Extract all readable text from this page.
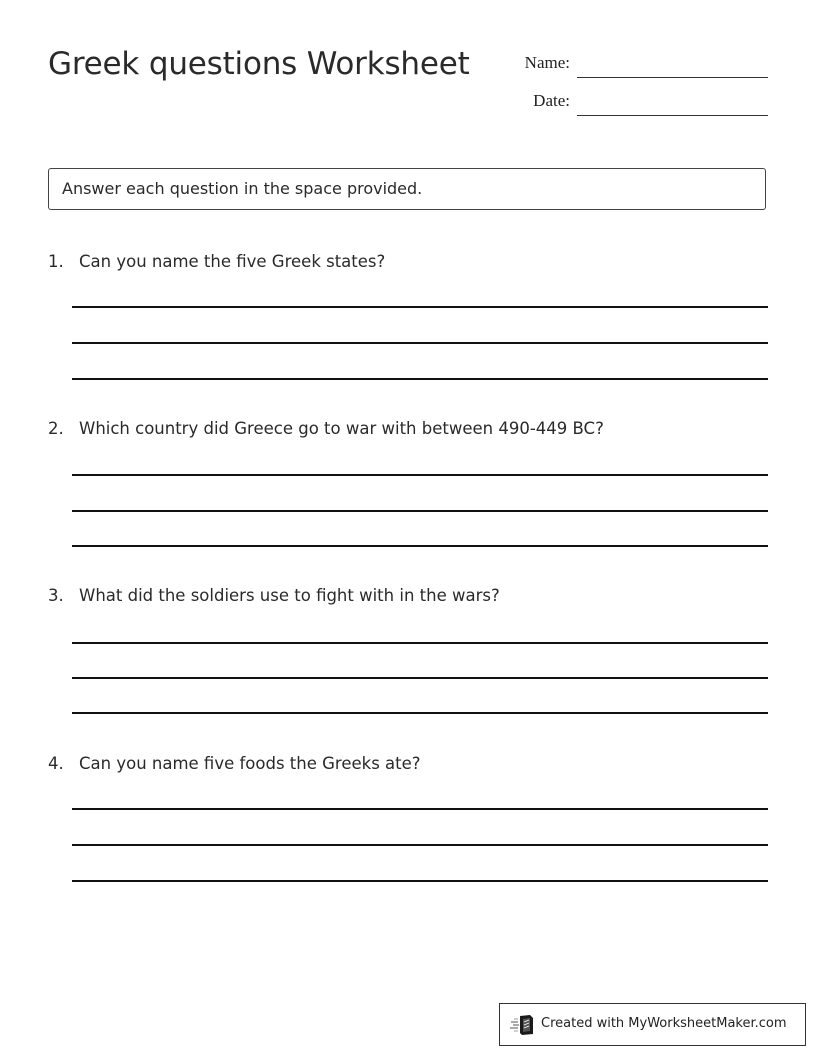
Greek questions Worksheet	Name:
Date:
Answer each question in the space provided.
1. Can you name the five Greek states?
2. Which country did Greece go to war with between 490-449 BC?
3. What did the soldiers use to fight with in the wars?
4. Can you name five foods the Greeks ate?
Created with MyWorksheetMaker.com
